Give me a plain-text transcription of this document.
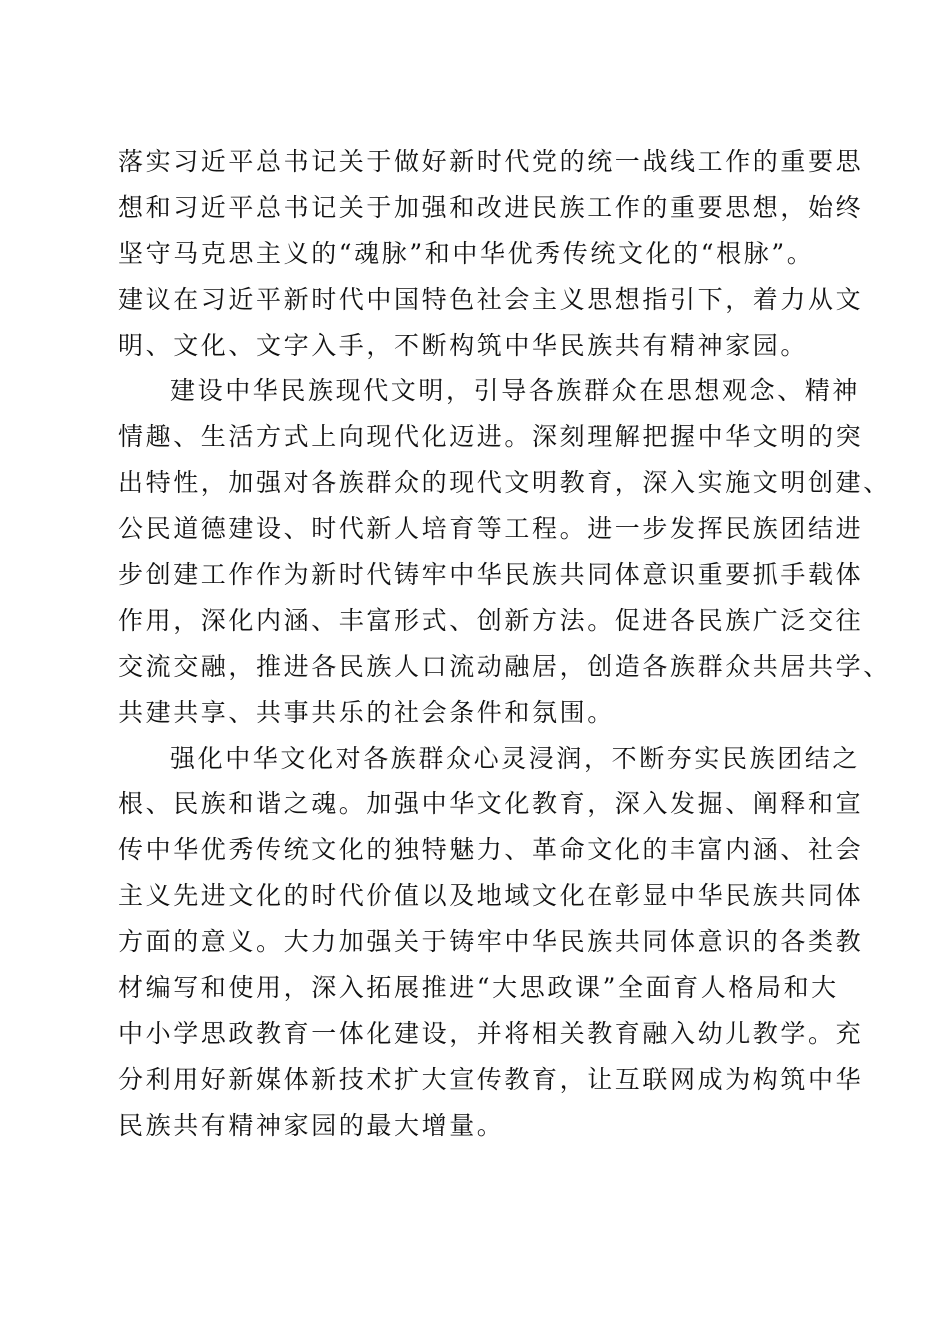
落实习近平总书记关于做好新时代党的统一战线工作的重要思
想和习近平总书记关于加强和改进民族工作的重要思想，始终
坚守马克思主义的“魂脉”和中华优秀传统文化的“根脉”。
建议在习近平新时代中国特色社会主义思想指引下，着力从文
明、文化、文字入手，不断构筑中华民族共有精神家园。
建设中华民族现代文明，引导各族群众在思想观念、精神
情趣、生活方式上向现代化迈进。深刻理解把握中华文明的突
出特性，加强对各族群众的现代文明教育，深入实施文明创建、
公民道德建设、时代新人培育等工程。进一步发挥民族团结进
步创建工作作为新时代铸牢中华民族共同体意识重要抓手载体
作用，深化内涵、丰富形式、创新方法。促进各民族广泛交往
交流交融，推进各民族人口流动融居，创造各族群众共居共学、
共建共享、共事共乐的社会条件和氛围。
强化中华文化对各族群众心灵浸润，不断夯实民族团结之
根、民族和谐之魂。加强中华文化教育，深入发掘、阐释和宣
传中华优秀传统文化的独特魅力、革命文化的丰富内涵、社会
主义先进文化的时代价值以及地域文化在彰显中华民族共同体
方面的意义。大力加强关于铸牢中华民族共同体意识的各类教
材编写和使用，深入拓展推进“大思政课”全面育人格局和大
中小学思政教育一体化建设，并将相关教育融入幼儿教学。充
分利用好新媒体新技术扩大宣传教育，让互联网成为构筑中华
民族共有精神家园的最大增量。
